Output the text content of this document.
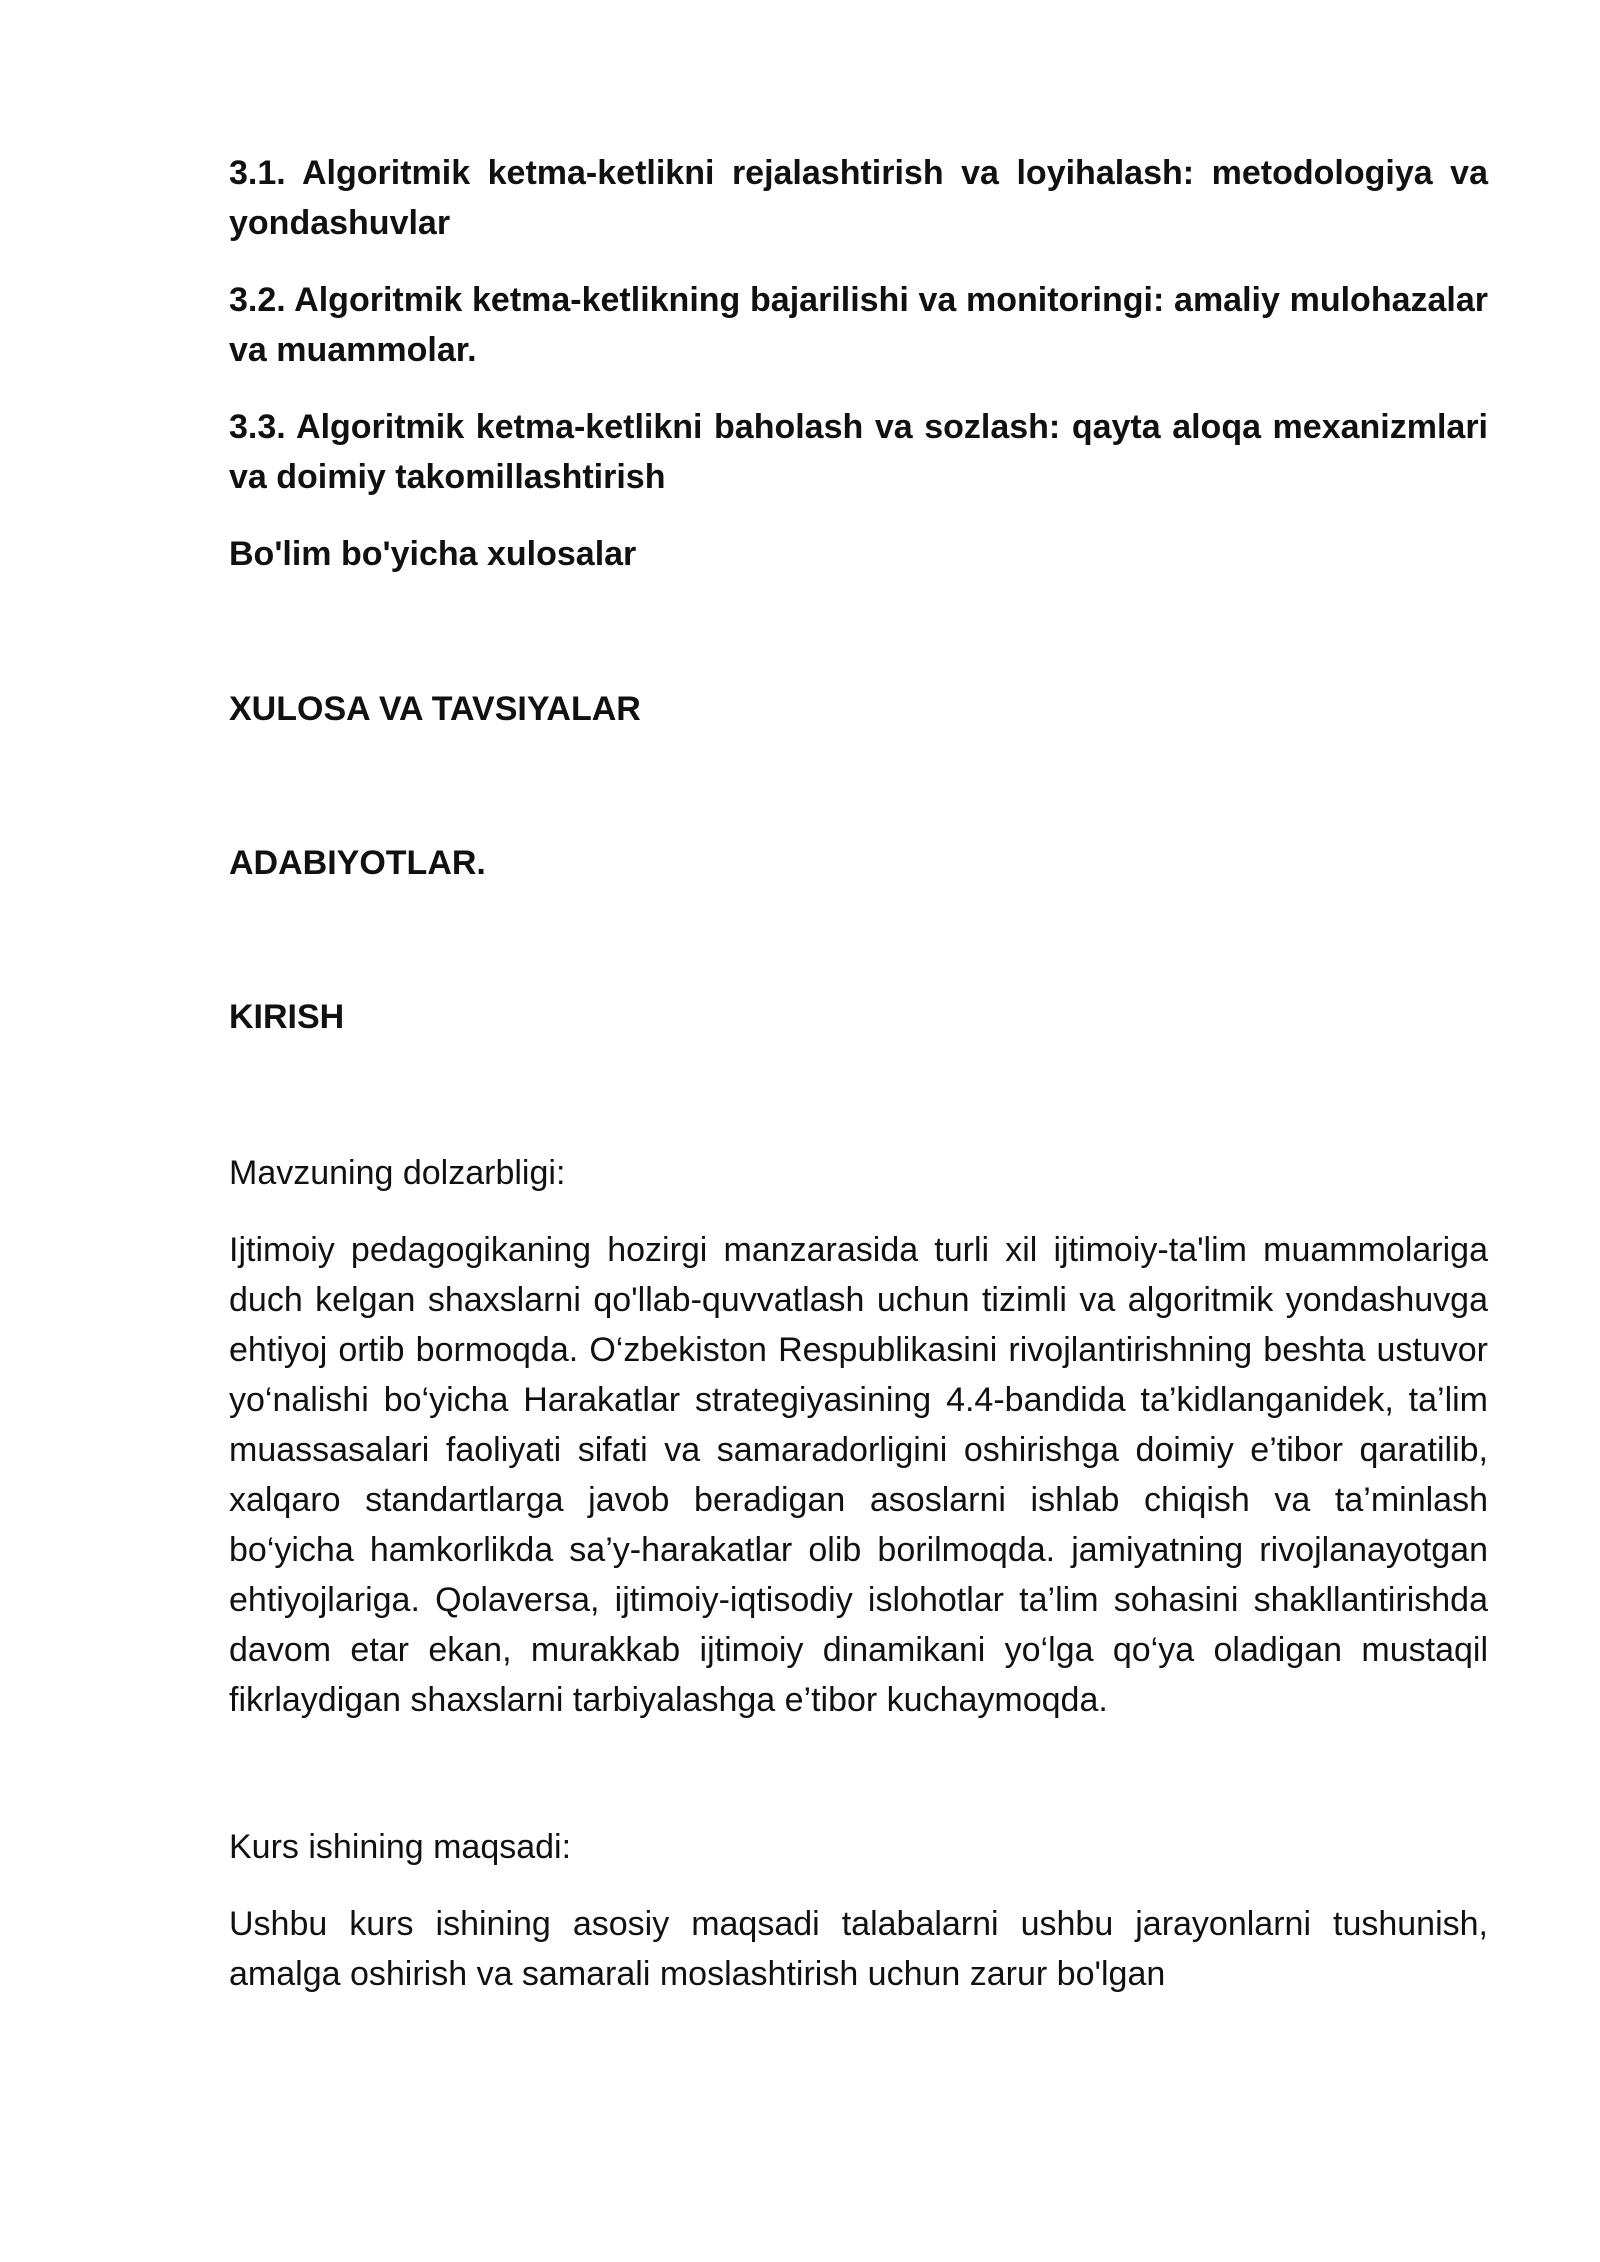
3.1. Algoritmik ketma-ketlikni rejalashtirish va loyihalash: metodologiya va yondashuvlar

3.2. Algoritmik ketma-ketlikning bajarilishi va monitoringi: amaliy mulohazalar va muammolar.

3.3. Algoritmik ketma-ketlikni baholash va sozlash: qayta aloqa mexanizmlari va doimiy takomillashtirish

Bo'lim bo'yicha xulosalar

XULOSA VA TAVSIYALAR
ADABIYOTLAR.
KIRISH

Mavzuning dolzarbligi:

Ijtimoiy pedagogikaning hozirgi manzarasida turli xil ijtimoiy-ta'lim muammolariga duch kelgan shaxslarni qo'llab-quvvatlash uchun tizimli va algoritmik yondashuvga ehtiyoj ortib bormoqda. O‘zbekiston Respublikasini rivojlantirishning beshta ustuvor yo‘nalishi bo‘yicha Harakatlar strategiyasining 4.4-bandida ta’kidlanganidek, ta’lim muassasalari faoliyati sifati va samaradorligini oshirishga doimiy e’tibor qaratilib, xalqaro standartlarga javob beradigan asoslarni ishlab chiqish va ta’minlash bo‘yicha hamkorlikda sa’y-harakatlar olib borilmoqda. jamiyatning rivojlanayotgan ehtiyojlariga. Qolaversa, ijtimoiy-iqtisodiy islohotlar ta’lim sohasini shakllantirishda davom etar ekan, murakkab ijtimoiy dinamikani yo‘lga qo‘ya oladigan mustaqil fikrlaydigan shaxslarni tarbiyalashga e’tibor kuchaymoqda.

Kurs ishining maqsadi:

Ushbu kurs ishining asosiy maqsadi talabalarni ushbu jarayonlarni tushunish, amalga oshirish va samarali moslashtirish uchun zarur bo'lgan
